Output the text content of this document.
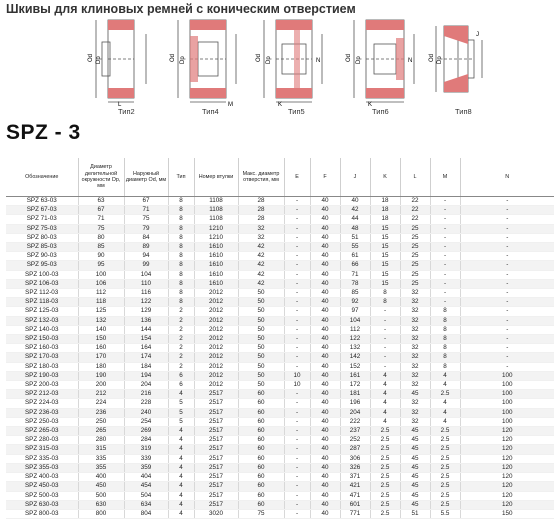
Шкивы для клиновых ремней с коническим отверстием
Od Dp
L
Тип2
Od Dp
M
Тип4
Od Dp	N
K
Тип5
Od Dp	N
K
Тип6
Od Dp
J
Тип8
SPZ - 3
Обозначение	Диаметр делительной окружности Dp, мм	Наружный диаметр Od, мм	Тип	Номер втулки	Макс. диаметр отверстия, мм	E	F	J	K	L	M	N
SPZ 63-03	63	67	8	1108	28	-	40	40	18	22	-	-
SPZ 67-03	67	71	8	1108	28	-	40	42	18	22	-	-
SPZ 71-03	71	75	8	1108	28	-	40	44	18	22	-	-
SPZ 75-03	75	79	8	1210	32	-	40	48	15	25	-	-
SPZ 80-03	80	84	8	1210	32	-	40	51	15	25	-	-
SPZ 85-03	85	89	8	1610	42	-	40	55	15	25	-	-
SPZ 90-03	90	94	8	1610	42	-	40	61	15	25	-	-
SPZ 95-03	95	99	8	1610	42	-	40	66	15	25	-	-
SPZ 100-03	100	104	8	1610	42	-	40	71	15	25	-	-
SPZ 106-03	106	110	8	1610	42	-	40	78	15	25	-	-
SPZ 112-03	112	116	8	2012	50	-	40	85	8	32	-	-
SPZ 118-03	118	122	8	2012	50	-	40	92	8	32	-	-
SPZ 125-03	125	129	2	2012	50	-	40	97	-	32	8	-
SPZ 132-03	132	136	2	2012	50	-	40	104	-	32	8	-
SPZ 140-03	140	144	2	2012	50	-	40	112	-	32	8	-
SPZ 150-03	150	154	2	2012	50	-	40	122	-	32	8	-
SPZ 160-03	160	164	2	2012	50	-	40	132	-	32	8	-
SPZ 170-03	170	174	2	2012	50	-	40	142	-	32	8	-
SPZ 180-03	180	184	2	2012	50	-	40	152	-	32	8	-
SPZ 190-03	190	194	6	2012	50	10	40	161	4	32	4	100
SPZ 200-03	200	204	6	2012	50	10	40	172	4	32	4	100
SPZ 212-03	212	216	4	2517	60	-	40	181	4	45	2.5	100
SPZ 224-03	224	228	5	2517	60	-	40	196	4	32	4	100
SPZ 236-03	236	240	5	2517	60	-	40	204	4	32	4	100
SPZ 250-03	250	254	5	2517	60	-	40	222	4	32	4	100
SPZ 265-03	265	269	4	2517	60	-	40	237	2.5	45	2.5	120
SPZ 280-03	280	284	4	2517	60	-	40	252	2.5	45	2.5	120
SPZ 315-03	315	319	4	2517	60	-	40	287	2.5	45	2.5	120
SPZ 335-03	335	339	4	2517	60	-	40	306	2.5	45	2.5	120
SPZ 355-03	355	359	4	2517	60	-	40	326	2.5	45	2.5	120
SPZ 400-03	400	404	4	2517	60	-	40	371	2.5	45	2.5	120
SPZ 450-03	450	454	4	2517	60	-	40	421	2.5	45	2.5	120
SPZ 500-03	500	504	4	2517	60	-	40	471	2.5	45	2.5	120
SPZ 630-03	630	634	4	2517	60	-	40	601	2.5	45	2.5	120
SPZ 800-03	800	804	4	3020	75	-	40	771	2.5	51	5.5	150
